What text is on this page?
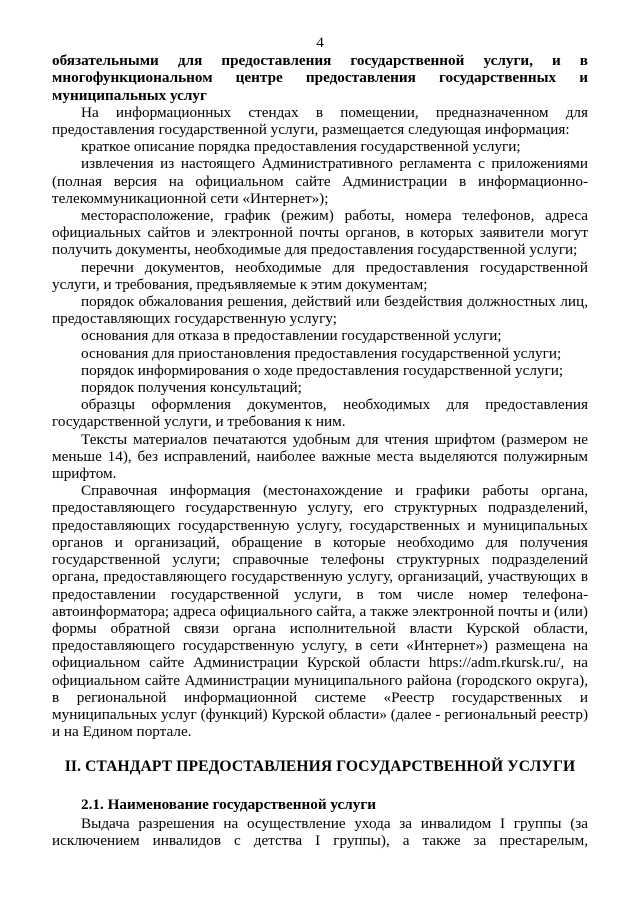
4

обязательными для предоставления государственной услуги, и в многофункциональном центре предоставления государственных и муниципальных услуг

На информационных стендах в помещении, предназначенном для предоставления государственной услуги, размещается следующая информация:

краткое описание порядка предоставления государственной услуги;

извлечения из настоящего Административного регламента с приложениями (полная версия на официальном сайте Администрации в информационно-телекоммуникационной сети «Интернет»);

месторасположение, график (режим) работы, номера телефонов, адреса официальных сайтов и электронной почты органов, в которых заявители могут получить документы, необходимые для предоставления государственной услуги;

перечни документов, необходимые для предоставления государственной услуги, и требования, предъявляемые к этим документам;

порядок обжалования решения, действий или бездействия должностных лиц, предоставляющих государственную услугу;

основания для отказа в предоставлении государственной услуги;

основания для приостановления предоставления государственной услуги;

порядок информирования о ходе предоставления государственной услуги;

порядок получения консультаций;

образцы оформления документов, необходимых для предоставления государственной услуги, и требования к ним.

Тексты материалов печатаются удобным для чтения шрифтом (размером не меньше 14), без исправлений, наиболее важные места выделяются полужирным шрифтом.

Справочная информация (местонахождение и графики работы органа, предоставляющего государственную услугу, его структурных подразделений, предоставляющих государственную услугу, государственных и муниципальных органов и организаций, обращение в которые необходимо для получения государственной услуги; справочные телефоны структурных подразделений органа, предоставляющего государственную услугу, организаций, участвующих в предоставлении государственной услуги, в том числе номер телефона-автоинформатора; адреса официального сайта, а также электронной почты и (или) формы обратной связи органа исполнительной власти Курской области, предоставляющего государственную услугу, в сети «Интернет») размещена на официальном сайте Администрации Курской области https://adm.rkursk.ru/, на официальном сайте Администрации муниципального района (городского округа), в региональной информационной системе «Реестр государственных и муниципальных услуг (функций) Курской области» (далее - региональный реестр) и на Едином портале.

II. СТАНДАРТ ПРЕДОСТАВЛЕНИЯ ГОСУДАРСТВЕННОЙ УСЛУГИ

2.1. Наименование государственной услуги

Выдача разрешения на осуществление ухода за инвалидом I группы (за исключением инвалидов с детства I группы), а также за престарелым,
